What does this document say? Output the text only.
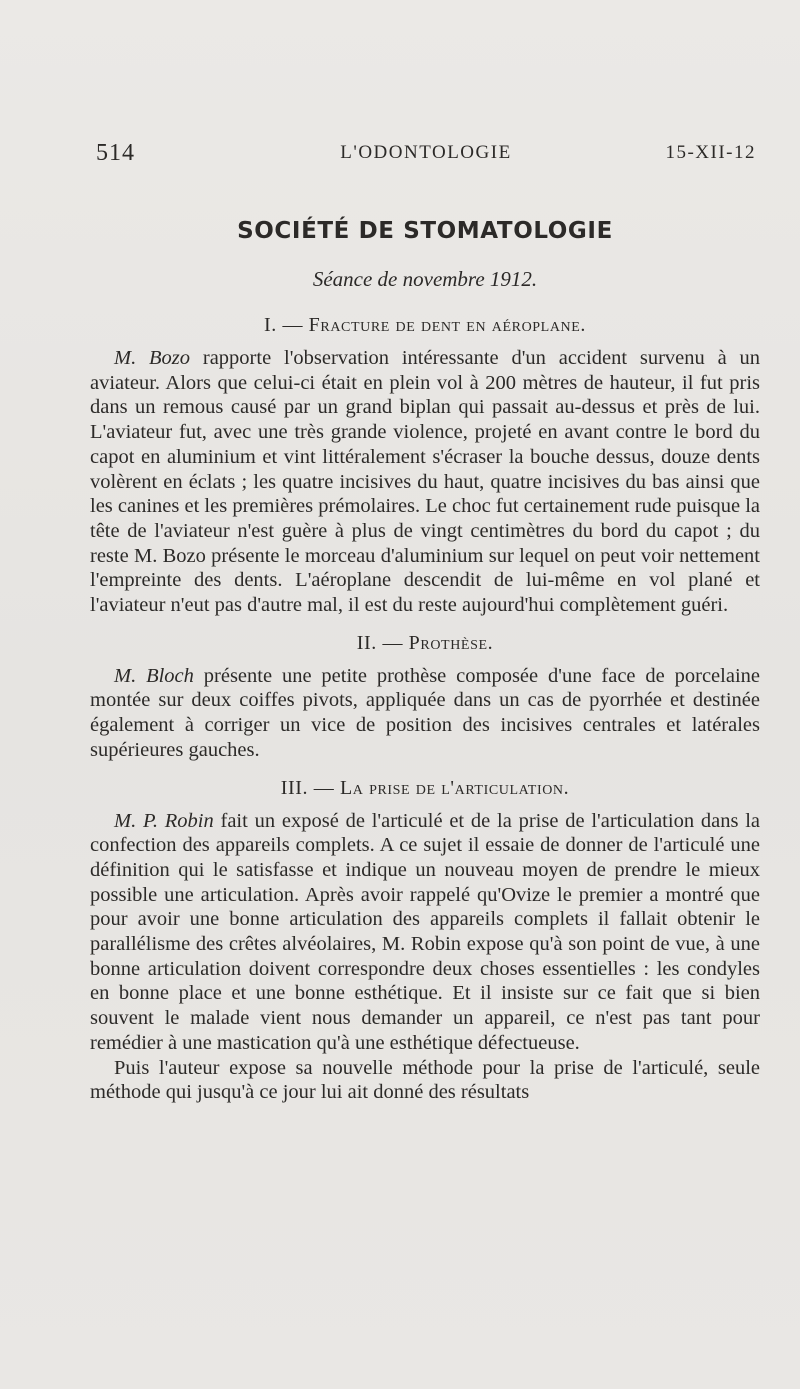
514	L'ODONTOLOGIE	15-XII-12
SOCIÉTÉ DE STOMATOLOGIE
Séance de novembre 1912.
I. — Fracture de dent en aéroplane.

M. Bozo rapporte l'observation intéressante d'un accident survenu à un aviateur. Alors que celui-ci était en plein vol à 200 mètres de hauteur, il fut pris dans un remous causé par un grand biplan qui passait au-dessus et près de lui. L'aviateur fut, avec une très grande violence, projeté en avant contre le bord du capot en aluminium et vint littéralement s'écraser la bouche dessus, douze dents volèrent en éclats ; les quatre incisives du haut, quatre incisives du bas ainsi que les canines et les premières prémolaires. Le choc fut certainement rude puisque la tête de l'aviateur n'est guère à plus de vingt centimètres du bord du capot ; du reste M. Bozo présente le morceau d'aluminium sur lequel on peut voir nettement l'empreinte des dents. L'aéroplane descendit de lui-même en vol plané et l'aviateur n'eut pas d'autre mal, il est du reste aujourd'hui complètement guéri.

II. — Prothèse.

M. Bloch présente une petite prothèse composée d'une face de porcelaine montée sur deux coiffes pivots, appliquée dans un cas de pyorrhée et destinée également à corriger un vice de position des incisives centrales et latérales supérieures gauches.

III. — La prise de l'articulation.

M. P. Robin fait un exposé de l'articulé et de la prise de l'articulation dans la confection des appareils complets. A ce sujet il essaie de donner de l'articulé une définition qui le satisfasse et indique un nouveau moyen de prendre le mieux possible une articulation. Après avoir rappelé qu'Ovize le premier a montré que pour avoir une bonne articulation des appareils complets il fallait obtenir le parallélisme des crêtes alvéolaires, M. Robin expose qu'à son point de vue, à une bonne articulation doivent correspondre deux choses essentielles : les condyles en bonne place et une bonne esthétique. Et il insiste sur ce fait que si bien souvent le malade vient nous demander un appareil, ce n'est pas tant pour remédier à une mastication qu'à une esthétique défectueuse.

Puis l'auteur expose sa nouvelle méthode pour la prise de l'articulé, seule méthode qui jusqu'à ce jour lui ait donné des résultats
